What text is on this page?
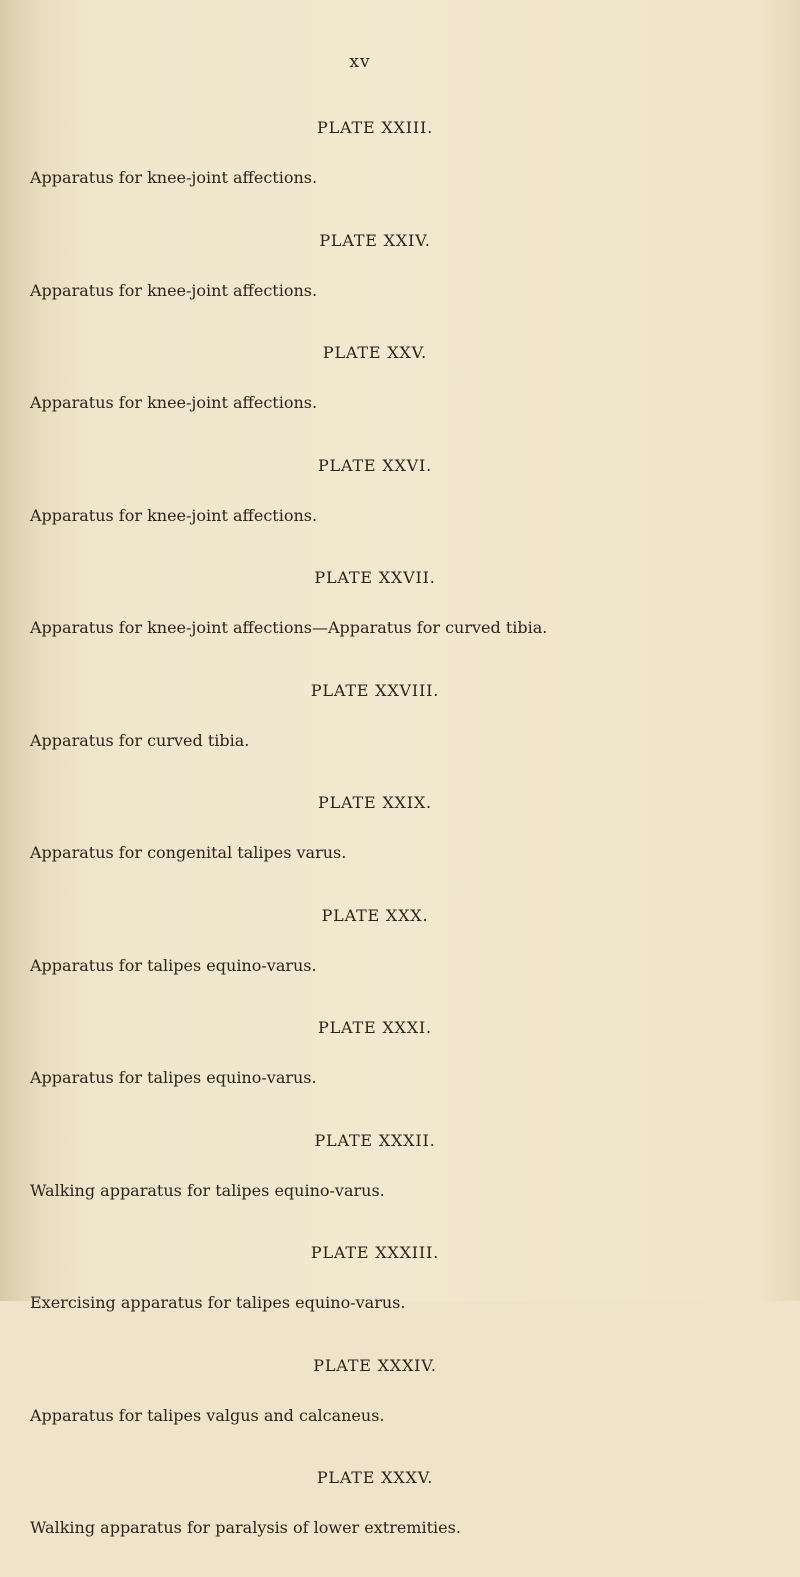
xv
PLATE XXIII.
Apparatus for knee-joint affections.
PLATE XXIV.
Apparatus for knee-joint affections.
PLATE XXV.
Apparatus for knee-joint affections.
PLATE XXVI.
Apparatus for knee-joint affections.
PLATE XXVII.
Apparatus for knee-joint affections—Apparatus for curved tibia.
PLATE XXVIII.
Apparatus for curved tibia.
PLATE XXIX.
Apparatus for congenital talipes varus.
PLATE XXX.
Apparatus for talipes equino-varus.
PLATE XXXI.
Apparatus for talipes equino-varus.
PLATE XXXII.
Walking apparatus for talipes equino-varus.
PLATE XXXIII.
Exercising apparatus for talipes equino-varus.
PLATE XXXIV.
Apparatus for talipes valgus and calcaneus.
PLATE XXXV.
Walking apparatus for paralysis of lower extremities.
